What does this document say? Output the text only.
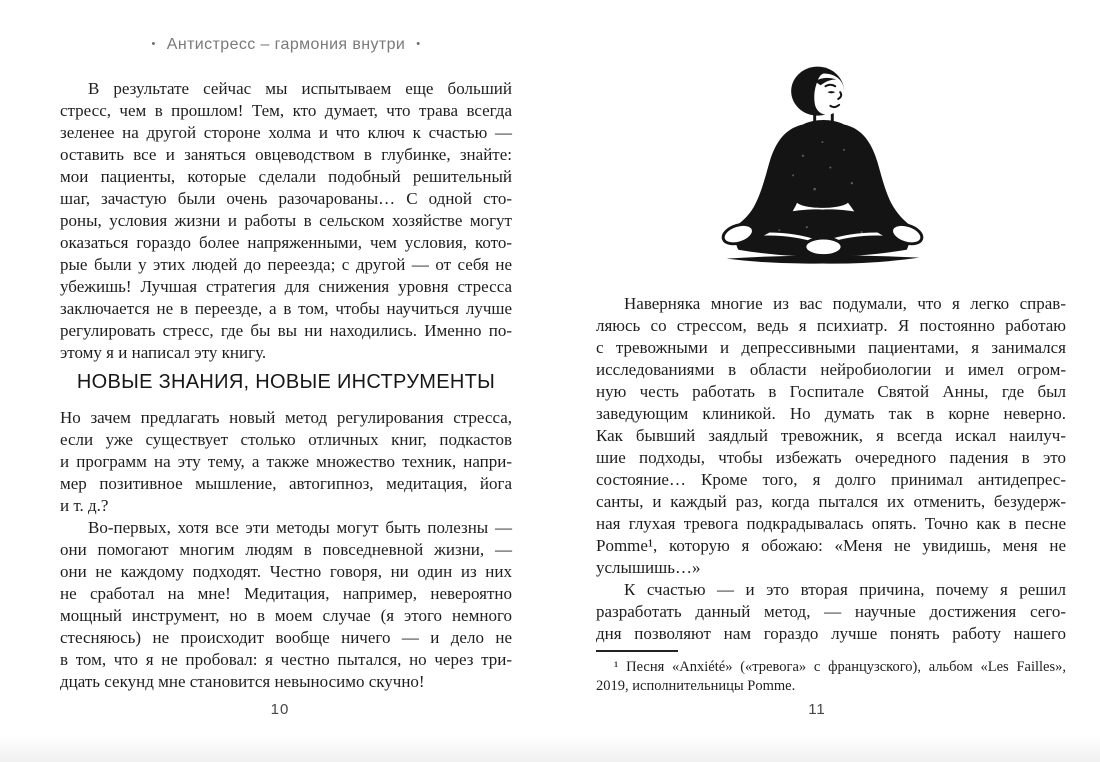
• Антистресс – гармония внутри •
В результате сейчас мы испытываем еще больший
стресс, чем в прошлом! Тем, кто думает, что трава всегда
зеленее на другой стороне холма и что ключ к счастью —
оставить все и заняться овцеводством в глубинке, знайте:
мои пациенты, которые сделали подобный решительный
шаг, зачастую были очень разочарованы… С одной сто-
роны, условия жизни и работы в сельском хозяйстве могут
оказаться гораздо более напряженными, чем условия, кото-
рые были у этих людей до переезда; с другой — от себя не
убежишь! Лучшая стратегия для снижения уровня стресса
заключается не в переезде, а в том, чтобы научиться лучше
регулировать стресс, где бы вы ни находились. Именно по-
этому я и написал эту книгу.
НОВЫЕ ЗНАНИЯ, НОВЫЕ ИНСТРУМЕНТЫ
Но зачем предлагать новый метод регулирования стресса,
если уже существует столько отличных книг, подкастов
и программ на эту тему, а также множество техник, напри-
мер позитивное мышление, автогипноз, медитация, йога
и т. д.?
Во-первых, хотя все эти методы могут быть полезны —
они помогают многим людям в повседневной жизни, —
они не каждому подходят. Честно говоря, ни один из них
не сработал на мне! Медитация, например, невероятно
мощный инструмент, но в моем случае (я этого немного
стесняюсь) не происходит вообще ничего — и дело не
в том, что я не пробовал: я честно пытался, но через три-
дцать секунд мне становится невыносимо скучно!
10
Наверняка многие из вас подумали, что я легко справ-
ляюсь со стрессом, ведь я психиатр. Я постоянно работаю
с тревожными и депрессивными пациентами, я занимался
исследованиями в области нейробиологии и имел огром-
ную честь работать в Госпитале Святой Анны, где был
заведующим клиникой. Но думать так в корне неверно.
Как бывший заядлый тревожник, я всегда искал наилуч-
шие подходы, чтобы избежать очередного падения в это
состояние… Кроме того, я долго принимал антидепрес-
санты, и каждый раз, когда пытался их отменить, безудерж-
ная глухая тревога подкрадывалась опять. Точно как в песне
Pomme¹, которую я обожаю: «Меня не увидишь, меня не
услышишь…»
К счастью — и это вторая причина, почему я решил
разработать данный метод, — научные достижения сего-
дня позволяют нам гораздо лучше понять работу нашего
¹ Песня «Anxiété» («тревога» с французского), альбом «Les Failles»,
2019, исполнительницы Pomme.
11
